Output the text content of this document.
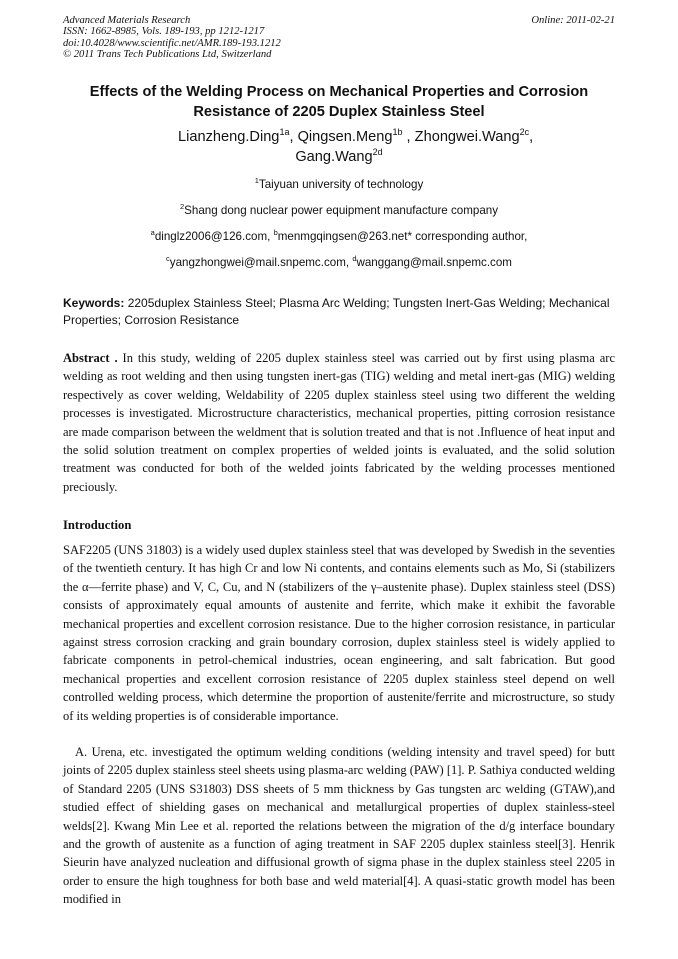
Advanced Materials Research
ISSN: 1662-8985, Vols. 189-193, pp 1212-1217
doi:10.4028/www.scientific.net/AMR.189-193.1212
© 2011 Trans Tech Publications Ltd, Switzerland
Online: 2011-02-21
Effects of the Welding Process on Mechanical Properties and Corrosion
Resistance of 2205 Duplex Stainless Steel
Lianzheng.Ding$^{1a}$, Qingsen.Meng$^{1b}$ , Zhongwei.Wang$^{2c}$,
Gang.Wang$^{2d}$
$^1$Taiyuan university of technology
$^2$Shang dong nuclear power equipment manufacture company
$^a$dinglz2006@126.com, $^b$menmgqingsen@263.net* corresponding author,
$^c$yangzhongwei@mail.snpemc.com, $^d$wanggang@mail.snpemc.com
Keywords: 2205duplex Stainless Steel; Plasma Arc Welding; Tungsten Inert-Gas Welding; Mechanical Properties; Corrosion Resistance

Abstract . In this study, welding of 2205 duplex stainless steel was carried out by first using plasma arc welding as root welding and then using tungsten inert-gas (TIG) welding and metal inert-gas (MIG) welding respectively as cover welding, Weldability of 2205 duplex stainless steel using two different the welding processes is investigated. Microstructure characteristics, mechanical properties, pitting corrosion resistance are made comparison between the weldment that is solution treated and that is not .Influence of heat input and the solid solution treatment on complex properties of welded joints is evaluated, and the solid solution treatment was conducted for both of the welded joints fabricated by the welding processes mentioned preciously.

Introduction

SAF2205 (UNS 31803) is a widely used duplex stainless steel that was developed by Swedish in the seventies of the twentieth century. It has high Cr and low Ni contents, and contains elements such as Mo, Si (stabilizers the α—ferrite phase) and V, C, Cu, and N (stabilizers of the γ–austenite phase). Duplex stainless steel (DSS) consists of approximately equal amounts of austenite and ferrite, which make it exhibit the favorable mechanical properties and excellent corrosion resistance. Due to the higher corrosion resistance, in particular against stress corrosion cracking and grain boundary corrosion, duplex stainless steel is widely applied to fabricate components in petrol-chemical industries, ocean engineering, and salt fabrication. But good mechanical properties and excellent corrosion resistance of 2205 duplex stainless steel depend on well controlled welding process, which determine the proportion of austenite/ferrite and microstructure, so study of its welding properties is of considerable importance.

A. Urena, etc. investigated the optimum welding conditions (welding intensity and travel speed) for butt joints of 2205 duplex stainless steel sheets using plasma-arc welding (PAW) [1]. P. Sathiya conducted welding of Standard 2205 (UNS S31803) DSS sheets of 5 mm thickness by Gas tungsten arc welding (GTAW),and studied effect of shielding gases on mechanical and metallurgical properties of duplex stainless-steel welds[2]. Kwang Min Lee et al. reported the relations between the migration of the d/g interface boundary and the growth of austenite as a function of aging treatment in SAF 2205 duplex stainless steel[3]. Henrik Sieurin have analyzed nucleation and diffusional growth of sigma phase in the duplex stainless steel 2205 in order to ensure the high toughness for both base and weld material[4]. A quasi-static growth model has been modified in
